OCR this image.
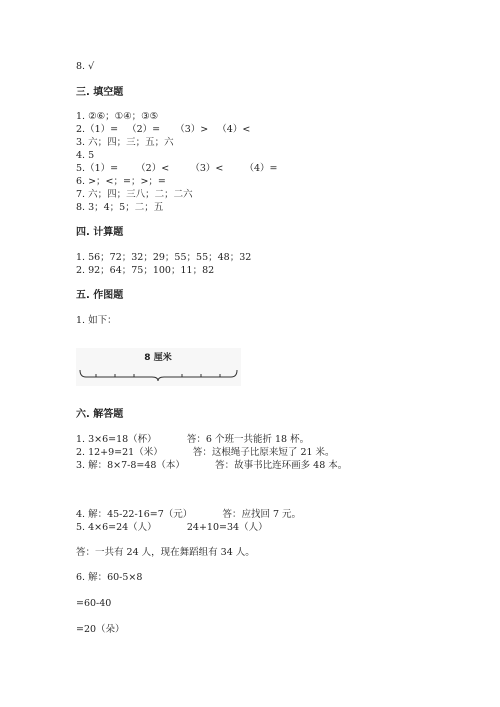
8. √
三. 填空题
1. ②⑥；①④；③⑤
2.（1）=   （2）=     （3）>   （4）<
3. 六；四；三；五；六
4. 5
5.（1）=      （2）<       （3）<       （4）=
6. >；<；=；>；=
7. 六；四；三八；二；二六
8. 3；4；5；二；五
四. 计算题
1. 56；72；32；29；55；55；48；32
2. 92；64；75；100；11；82
五. 作图题
1. 如下：
8 厘米
六. 解答题
1. 3×6=18（杯）          答：6 个班一共能折 18 杯。
2. 12+9=21（米）          答：这根绳子比原来短了 21 米。
3. 解：8×7-8=48（本）          答：故事书比连环画多 48 本。
4. 解：45-22-16=7（元）          答：应找回 7 元。
5. 4×6=24（人）          24+10=34（人）
答：一共有 24 人，现在舞蹈组有 34 人。
6. 解：60-5×8
=60-40
=20（朵）
